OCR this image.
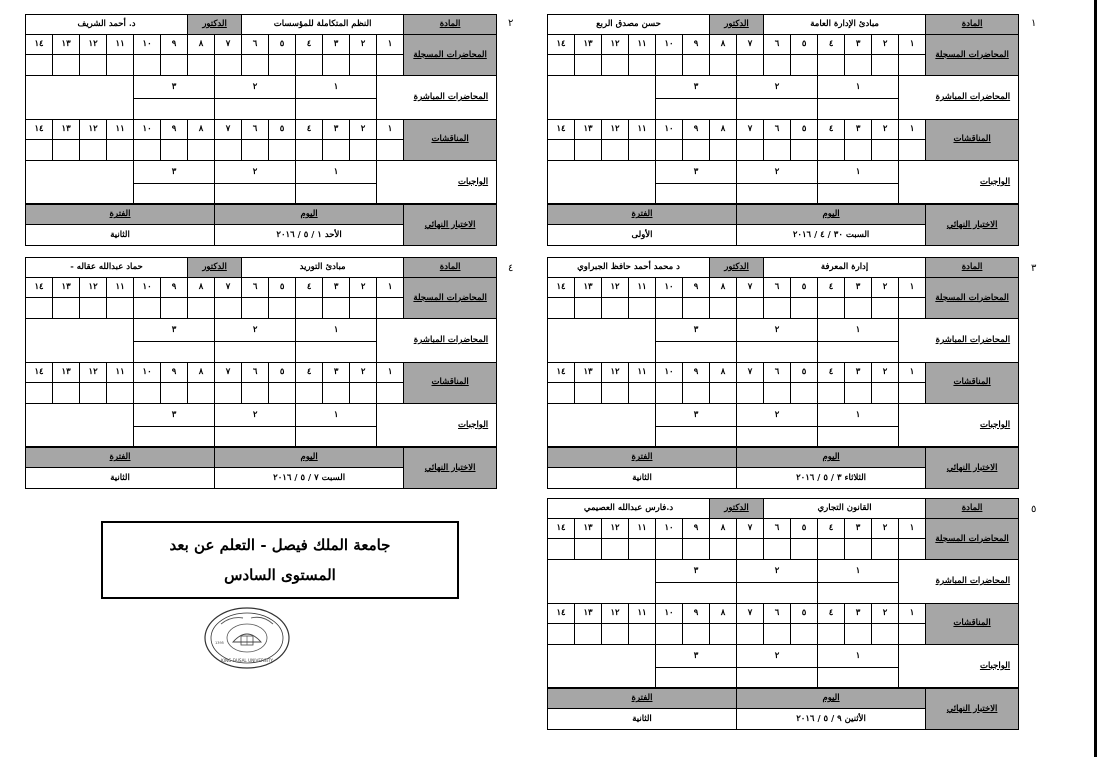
١
المادة	مبادئ الإدارة العامة						الدكتور		حسن مصدق الربع					
المحاضرات المسجلة	١	٢	٣	٤	٥	٦	٧	٨	٩	١٠	١١	١٢	١٣	١٤

المحاضرات المباشرة		١			٢			٣						

المناقشات	١	٢	٣	٤	٥	٦	٧	٨	٩	١٠	١١	١٢	١٣	١٤

الواجبات		١			٢			٣						

الاختبار النهائي	اليوم							الفترة						
	السبت ٣٠ / ٤ / ٢٠١٦							الأولى						
٢
المادة	النظم المتكاملة للمؤسسات						الدكتور		د. أحمد الشريف					
المحاضرات المسجلة	١	٢	٣	٤	٥	٦	٧	٨	٩	١٠	١١	١٢	١٣	١٤

المحاضرات المباشرة		١			٢			٣						

المناقشات	١	٢	٣	٤	٥	٦	٧	٨	٩	١٠	١١	١٢	١٣	١٤

الواجبات		١			٢			٣						

الاختبار النهائي	اليوم							الفترة						
	الأحد ١ / ٥ / ٢٠١٦							الثانية						
٣
المادة	إدارة المعرفة						الدكتور		د محمد أحمد حافظ الجبراوي					
المحاضرات المسجلة	١	٢	٣	٤	٥	٦	٧	٨	٩	١٠	١١	١٢	١٣	١٤

المحاضرات المباشرة		١			٢			٣						

المناقشات	١	٢	٣	٤	٥	٦	٧	٨	٩	١٠	١١	١٢	١٣	١٤

الواجبات		١			٢			٣						

الاختبار النهائي	اليوم							الفترة						
	الثلاثاء ٣ / ٥ / ٢٠١٦							الثانية						
٤
المادة	مبادئ التوريد						الدكتور		حماد عبدالله عقاله -					
المحاضرات المسجلة	١	٢	٣	٤	٥	٦	٧	٨	٩	١٠	١١	١٢	١٣	١٤

المحاضرات المباشرة		١			٢			٣						

المناقشات	١	٢	٣	٤	٥	٦	٧	٨	٩	١٠	١١	١٢	١٣	١٤

الواجبات		١			٢			٣						

الاختبار النهائي	اليوم							الفترة						
	السبت ٧ / ٥ / ٢٠١٦							الثانية						
٥
المادة	القانون التجاري						الدكتور		د.فارس عبدالله العصيمي					
المحاضرات المسجلة	١	٢	٣	٤	٥	٦	٧	٨	٩	١٠	١١	١٢	١٣	١٤

المحاضرات المباشرة		١			٢			٣						

المناقشات	١	٢	٣	٤	٥	٦	٧	٨	٩	١٠	١١	١٢	١٣	١٤

الواجبات		١			٢			٣						

الاختبار النهائي	اليوم							الفترة						
	الأثنين ٩ / ٥ / ٢٠١٦							الثانية						
جامعة الملك فيصل - التعلم عن بعد
المستوى السادس
KING FAISAL UNIVERSITY
1395
